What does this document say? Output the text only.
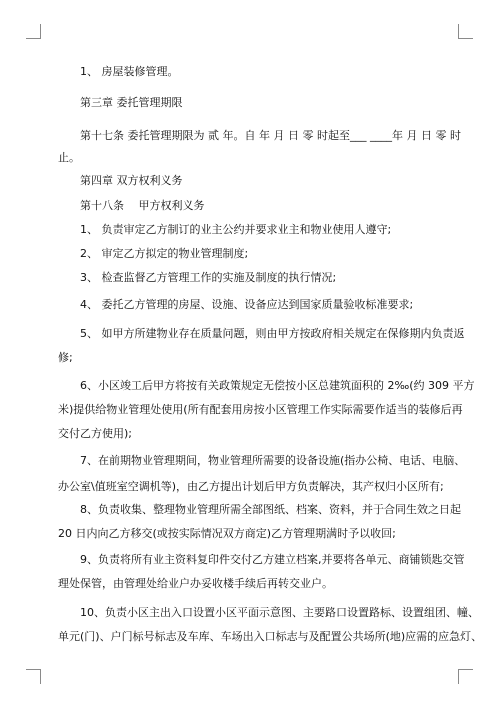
　　1、 房屋装修管理。
　　第三章 委托管理期限
　　第十七条 委托管理期限为 贰 年。自 年 月 日 零 时起至___ ____年 月 日 零 时
止。
　　第四章 双方权利义务
　　第十八条　 甲方权利义务
　　1、 负责审定乙方制订的业主公约并要求业主和物业使用人遵守;
　　2、 审定乙方拟定的物业管理制度;
　　3、 检查监督乙方管理工作的实施及制度的执行情况;
　　4、 委托乙方管理的房屋、设施、设备应达到国家质量验收标准要求;
　　5、 如甲方所建物业存在质量问题，则由甲方按政府相关规定在保修期内负责返
修;
　　6、小区竣工后甲方将按有关政策规定无偿按小区总建筑面积的 2‰(约 309 平方
米)提供给物业管理处使用(所有配套用房按小区管理工作实际需要作适当的装修后再
交付乙方使用);
　　7、在前期物业管理期间，物业管理所需要的设备设施(指办公椅、电话、电脑、
办公室\值班室空调机等)，由乙方提出计划后甲方负责解决，其产权归小区所有;
　　8、负责收集、整理物业管理所需全部图纸、档案、资料，并于合同生效之日起
20 日内向乙方移交(或按实际情况双方商定)乙方管理期满时予以收回;
　　9、负责将所有业主资料复印件交付乙方建立档案,并要将各单元、商铺锁匙交管
理处保管，由管理处给业户办妥收楼手续后再转交业户。
　　10、负责小区主出入口设置小区平面示意图、主要路口设置路标、设置组团、幢、
单元(门)、户门标号标志及车库、车场出入口标志与及配置公共场所(地)应需的应急灯、
